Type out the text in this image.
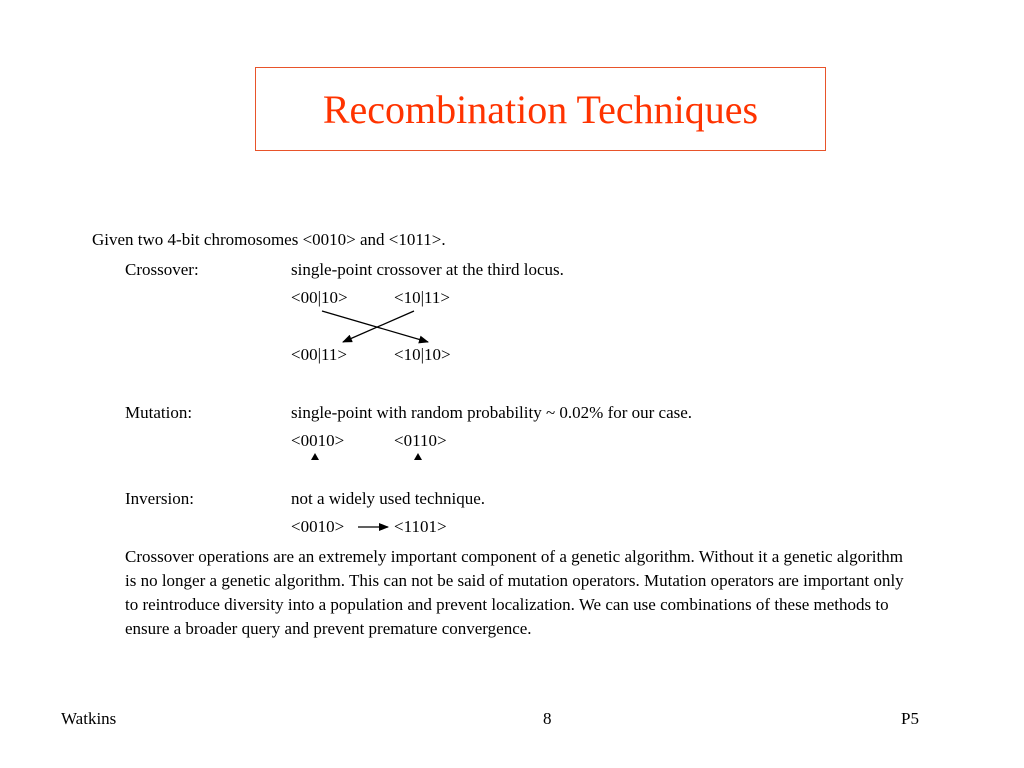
Recombination Techniques
Given two 4-bit chromosomes <0010> and <1011>.
Crossover:	single-point crossover at the third locus.
<00|10>	<10|11>
<00|11>	<10|10>
Mutation:	single-point with random probability ~ 0.02% for our case.
<0010>	<0110>
Inversion:	not a widely used technique.
<0010>	<1101>
Crossover operations are an extremely important component of a genetic algorithm. Without it a genetic algorithm is no longer a genetic algorithm. This can not be said of mutation operators. Mutation operators are important only to reintroduce diversity into a population and prevent localization. We can use combinations of these methods to ensure a broader query and prevent premature convergence.
Watkins	8	P5
